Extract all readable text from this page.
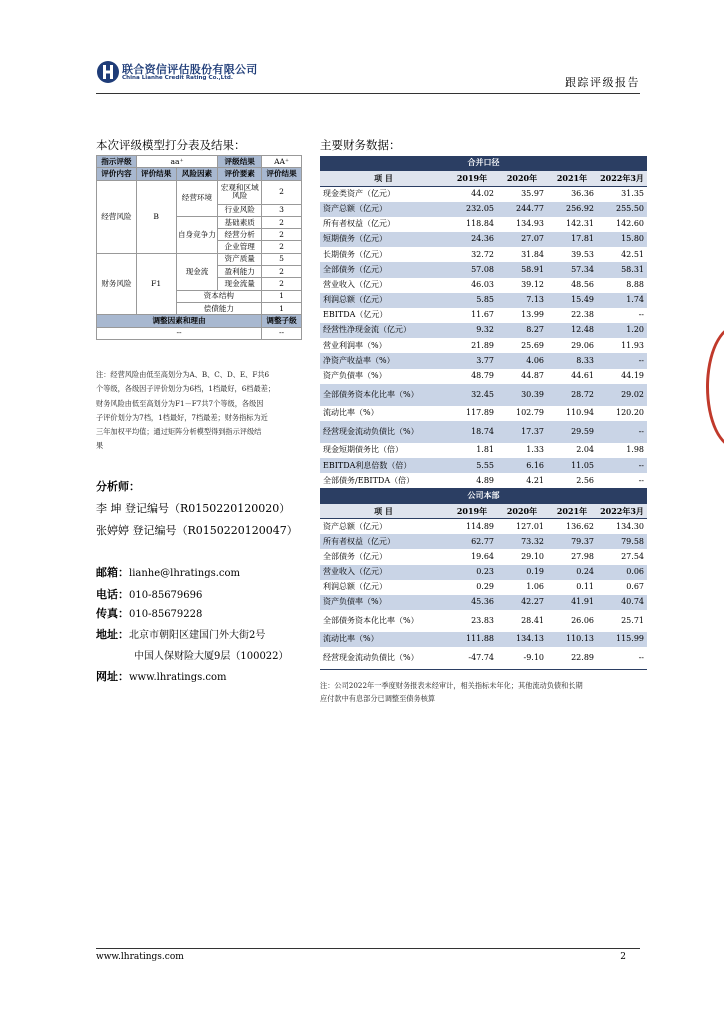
联合资信评估股份有限公司
China Lianhe Credit Rating Co.,Ltd.	跟踪评级报告
本次评级模型打分表及结果：	主要财务数据：
指示评级	aa⁺		评级结果	AA⁺
评价内容	评价结果	风险因素	评价要素	评价结果
经营风险	B	经营环境	宏观和区域风险	2
			行业风险	3
		自身竞争力	基础素质	2
			经营分析	2
			企业管理	2
财务风险	F1	现金流	资产质量	5
			盈利能力	2
			现金流量	2
		资本结构		1
		偿债能力		1
调整因素和理由				调整子级
--				--
注：经营风险由低至高划分为A、B、C、D、E、F共6
个等级，各级因子评价划分为6档，1档最好，6档最差；
财务风险由低至高划分为F1－F7共7个等级，各级因
子评价划分为7档，1档最好，7档最差；财务指标为近
三年加权平均值；通过矩阵分析模型得到指示评级结
果
分析师：
李 坤 登记编号（R0150220120020）
张婷婷 登记编号（R0150220120047）
邮箱：lianhe@lhratings.com
电话：010-85679696
传真：010-85679228
地址：北京市朝阳区建国门外大街2号
中国人保财险大厦9层（100022）
网址：www.lhratings.com
合并口径				
项 目	2019年	2020年	2021年	2022年3月
现金类资产（亿元）	44.02	35.97	36.36	31.35
资产总额（亿元）	232.05	244.77	256.92	255.50
所有者权益（亿元）	118.84	134.93	142.31	142.60
短期债务（亿元）	24.36	27.07	17.81	15.80
长期债务（亿元）	32.72	31.84	39.53	42.51
全部债务（亿元）	57.08	58.91	57.34	58.31
营业收入（亿元）	46.03	39.12	48.56	8.88
利润总额（亿元）	5.85	7.13	15.49	1.74
EBITDA（亿元）	11.67	13.99	22.38	--
经营性净现金流（亿元）	9.32	8.27	12.48	1.20
营业利润率（%）	21.89	25.69	29.06	11.93
净资产收益率（%）	3.77	4.06	8.33	--
资产负债率（%）	48.79	44.87	44.61	44.19
全部债务资本化比率（%）	32.45	30.39	28.72	29.02
流动比率（%）	117.89	102.79	110.94	120.20
经营现金流动负债比（%）	18.74	17.37	29.59	--
现金短期债务比（倍）	1.81	1.33	2.04	1.98
EBITDA利息倍数（倍）	5.55	6.16	11.05	--
全部债务/EBITDA（倍）	4.89	4.21	2.56	--
公司本部				
项 目	2019年	2020年	2021年	2022年3月
资产总额（亿元）	114.89	127.01	136.62	134.30
所有者权益（亿元）	62.77	73.32	79.37	79.58
全部债务（亿元）	19.64	29.10	27.98	27.54
营业收入（亿元）	0.23	0.19	0.24	0.06
利润总额（亿元）	0.29	1.06	0.11	0.67
资产负债率（%）	45.36	42.27	41.91	40.74
全部债务资本化比率（%）	23.83	28.41	26.06	25.71
流动比率（%）	111.88	134.13	110.13	115.99
经营现金流动负债比（%）	-47.74	-9.10	22.89	--
注：公司2022年一季度财务报表未经审计，相关指标未年化；其他流动负债和长期
应付款中有息部分已调整至债务核算
www.lhratings.com	2
